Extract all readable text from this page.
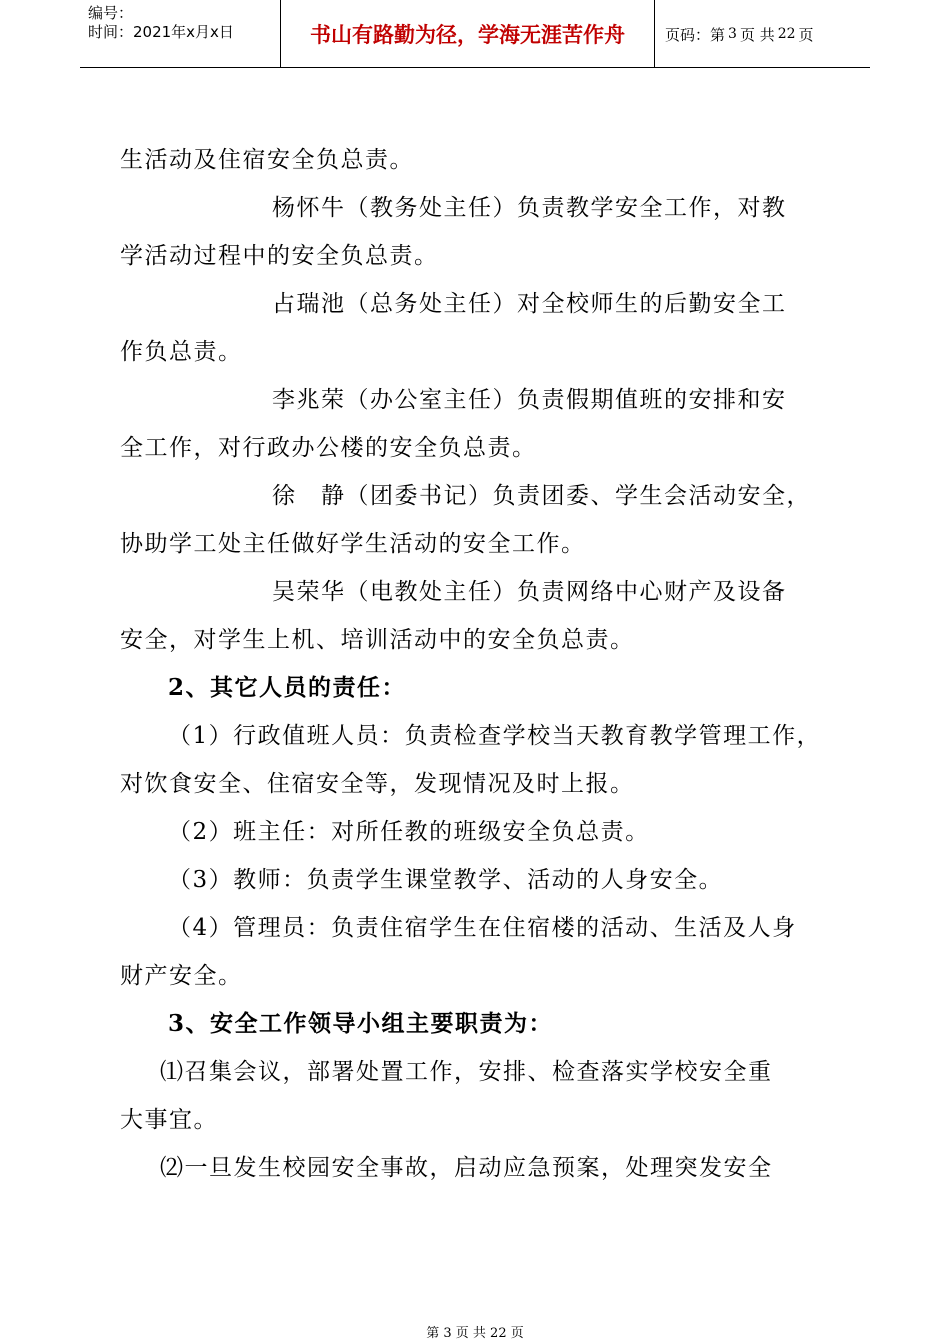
编号：
时间：2021年x月x日	书山有路勤为径，学海无涯苦作舟	页码：第 3 页 共 22 页
生活动及住宿安全负总责。
杨怀牛（教务处主任）负责教学安全工作，对教
学活动过程中的安全负总责。
占瑞池（总务处主任）对全校师生的后勤安全工
作负总责。
李兆荣（办公室主任）负责假期值班的安排和安
全工作，对行政办公楼的安全负总责。
徐　静（团委书记）负责团委、学生会活动安全，
协助学工处主任做好学生活动的安全工作。
吴荣华（电教处主任）负责网络中心财产及设备
安全，对学生上机、培训活动中的安全负总责。
2、其它人员的责任：
（1）行政值班人员：负责检查学校当天教育教学管理工作，
对饮食安全、住宿安全等，发现情况及时上报。
（2）班主任：对所任教的班级安全负总责。
（3）教师：负责学生课堂教学、活动的人身安全。
（4）管理员：负责住宿学生在住宿楼的活动、生活及人身
财产安全。
3、安全工作领导小组主要职责为：
⑴召集会议，部署处置工作，安排、检查落实学校安全重
大事宜。
⑵一旦发生校园安全事故，启动应急预案，处理突发安全
第 3 页 共 22 页
